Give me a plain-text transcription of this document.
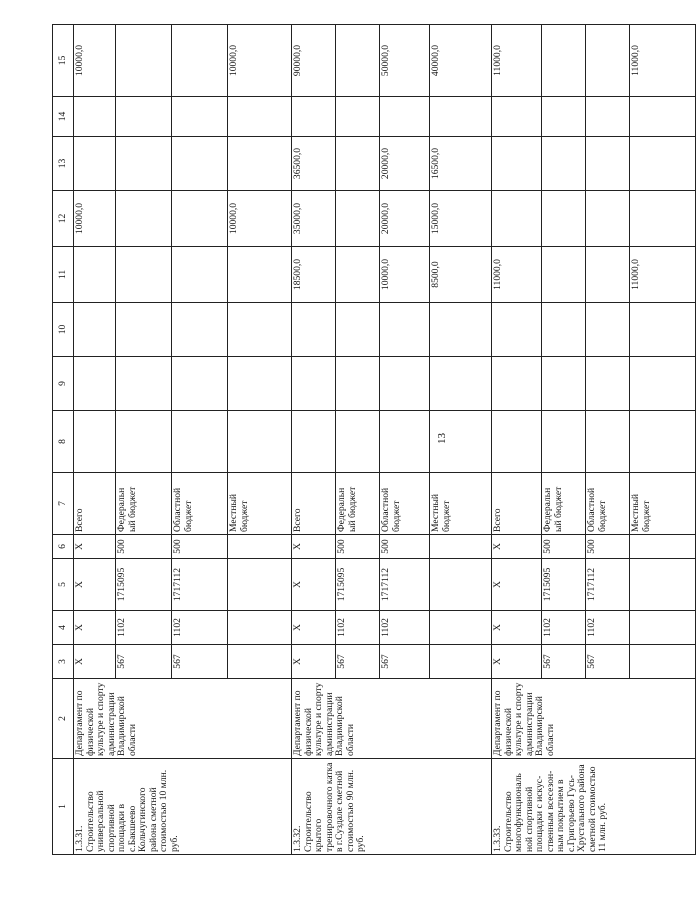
13
1	2	3	4	5	6	7	8	9	10	11	12	13	14	15

1.3.31. Строительство универсальной спортивной площадки в с.Бакшеево Кольчугинского района сметной стоимостью 10 млн. руб.	Департамент по физической культуре и спорту администрации Владимирской области	X	X	X	X	Всего					10000,0			10000,0
		567	1102	1715095	500	Федеральн ый бюджет								
		567	1102	1717112	500	Областной бюджет								
						Местный бюджет					10000,0			10000,0

1.3.32. Строительство крытого тренировочного катка в г.Суздале сметной стоимостью 90 млн. руб.	Департамент по физической культуре и спорту администрации Владимирской области	X	X	X	X	Всего				18500,0	35000,0	36500,0		90000,0
		567	1102	1715095	500	Федеральн ый бюджет								
		567	1102	1717112	500	Областной бюджет				10000,0	20000,0	20000,0		50000,0
						Местный бюджет				8500,0	15000,0	16500,0		40000,0

1.3.33. Строительство многофункциональ ной спортивной площадки с искус- ственным всесезон- ным покрытием в с.Григорьево Гусь- Хрустального района сметной стоимостью 11 млн. руб.	Департамент по физической культуре и спорту администрации Владимирской области	X	X	X	X	Всего				11000,0				11000,0
		567	1102	1715095	500	Федеральн ый бюджет								
		567	1102	1717112	500	Областной бюджет								
						Местный бюджет				11000,0				11000,0
